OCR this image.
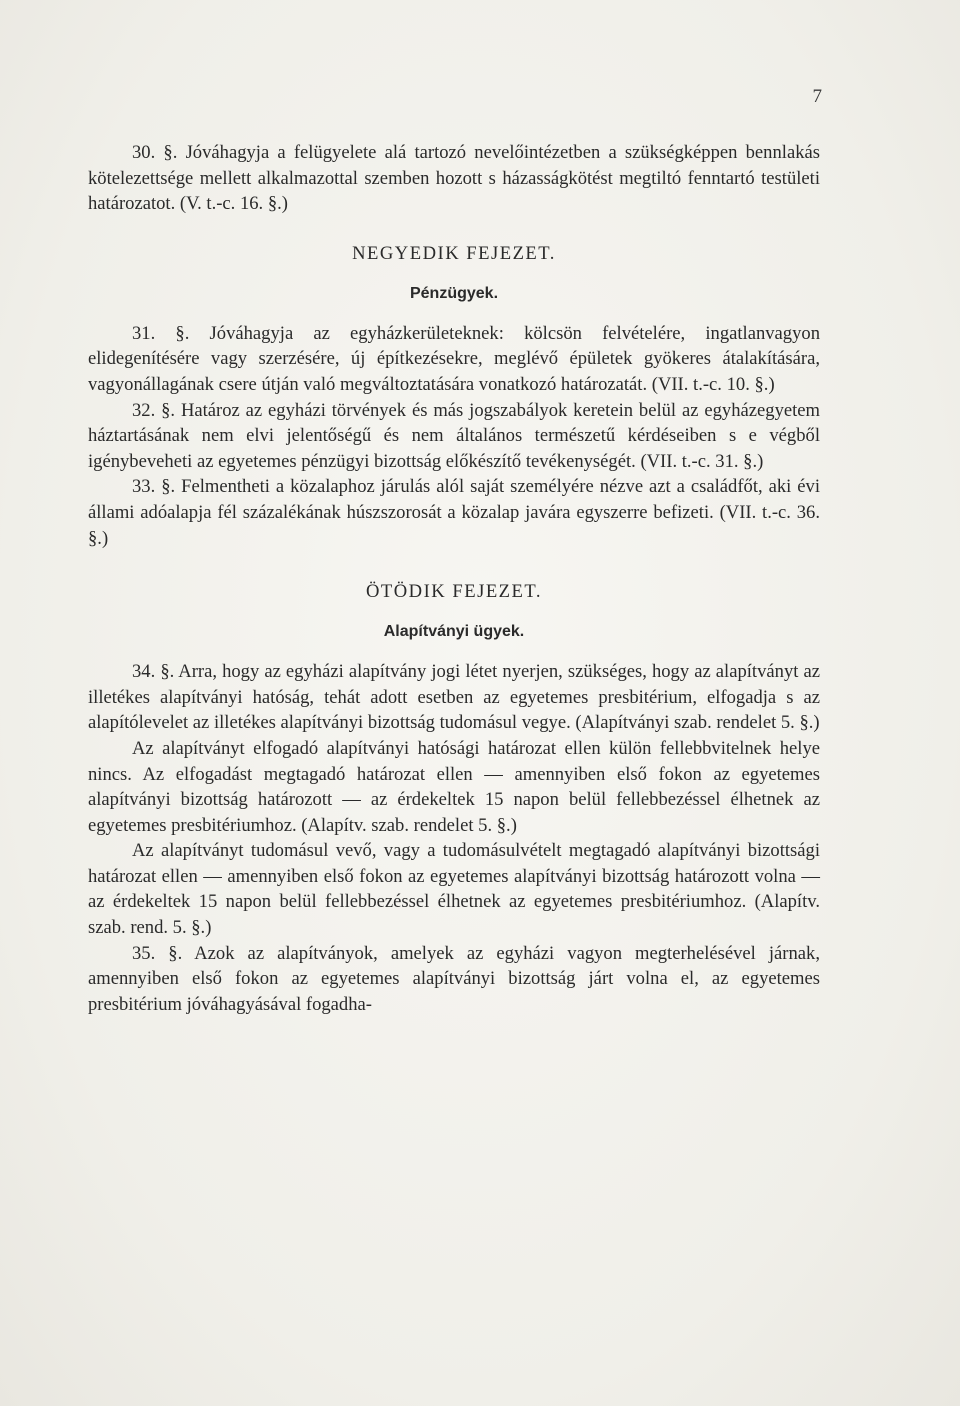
7

30. §. Jóváhagyja a felügyelete alá tartozó nevelőintézetben a szükségképpen bennlakás kötelezettsége mellett alkalmazottal szemben hozott s házasságkötést megtiltó fenntartó testületi határozatot. (V. t.-c. 16. §.)

NEGYEDIK FEJEZET.
Pénzügyek.

31. §. Jóváhagyja az egyházkerületeknek: kölcsön felvételére, ingatlanvagyon elidegenítésére vagy szerzésére, új építkezésekre, meglévő épületek gyökeres átalakítására, vagyonállagának csere útján való megváltoztatására vonatkozó határozatát. (VII. t.-c. 10. §.)

32. §. Határoz az egyházi törvények és más jogszabályok keretein belül az egyházegyetem háztartásának nem elvi jelentőségű és nem általános természetű kérdéseiben s e végből igénybeveheti az egyetemes pénzügyi bizottság előkészítő tevékenységét. (VII. t.-c. 31. §.)

33. §. Felmentheti a közalaphoz járulás alól saját személyére nézve azt a családfőt, aki évi állami adóalapja fél százalékának húszszorosát a közalap javára egyszerre befizeti. (VII. t.-c. 36. §.)

ÖTÖDIK FEJEZET.
Alapítványi ügyek.

34. §. Arra, hogy az egyházi alapítvány jogi létet nyerjen, szükséges, hogy az alapítványt az illetékes alapítványi hatóság, tehát adott esetben az egyetemes presbitérium, elfogadja s az alapítólevelet az illetékes alapítványi bizottság tudomásul vegye. (Alapítványi szab. rendelet 5. §.)

Az alapítványt elfogadó alapítványi hatósági határozat ellen külön fellebbvitelnek helye nincs. Az elfogadást megtagadó határozat ellen — amennyiben első fokon az egyetemes alapítványi bizottság határozott — az érdekeltek 15 napon belül fellebbezéssel élhetnek az egyetemes presbitériumhoz. (Alapítv. szab. rendelet 5. §.)

Az alapítványt tudomásul vevő, vagy a tudomásulvételt megtagadó alapítványi bizottsági határozat ellen — amennyiben első fokon az egyetemes alapítványi bizottság határozott volna — az érdekeltek 15 napon belül fellebbezéssel élhetnek az egyetemes presbitériumhoz. (Alapítv. szab. rend. 5. §.)

35. §. Azok az alapítványok, amelyek az egyházi vagyon megterhelésével járnak, amennyiben első fokon az egyetemes alapítványi bizottság járt volna el, az egyetemes presbitérium jóváhagyásával fogadha-
